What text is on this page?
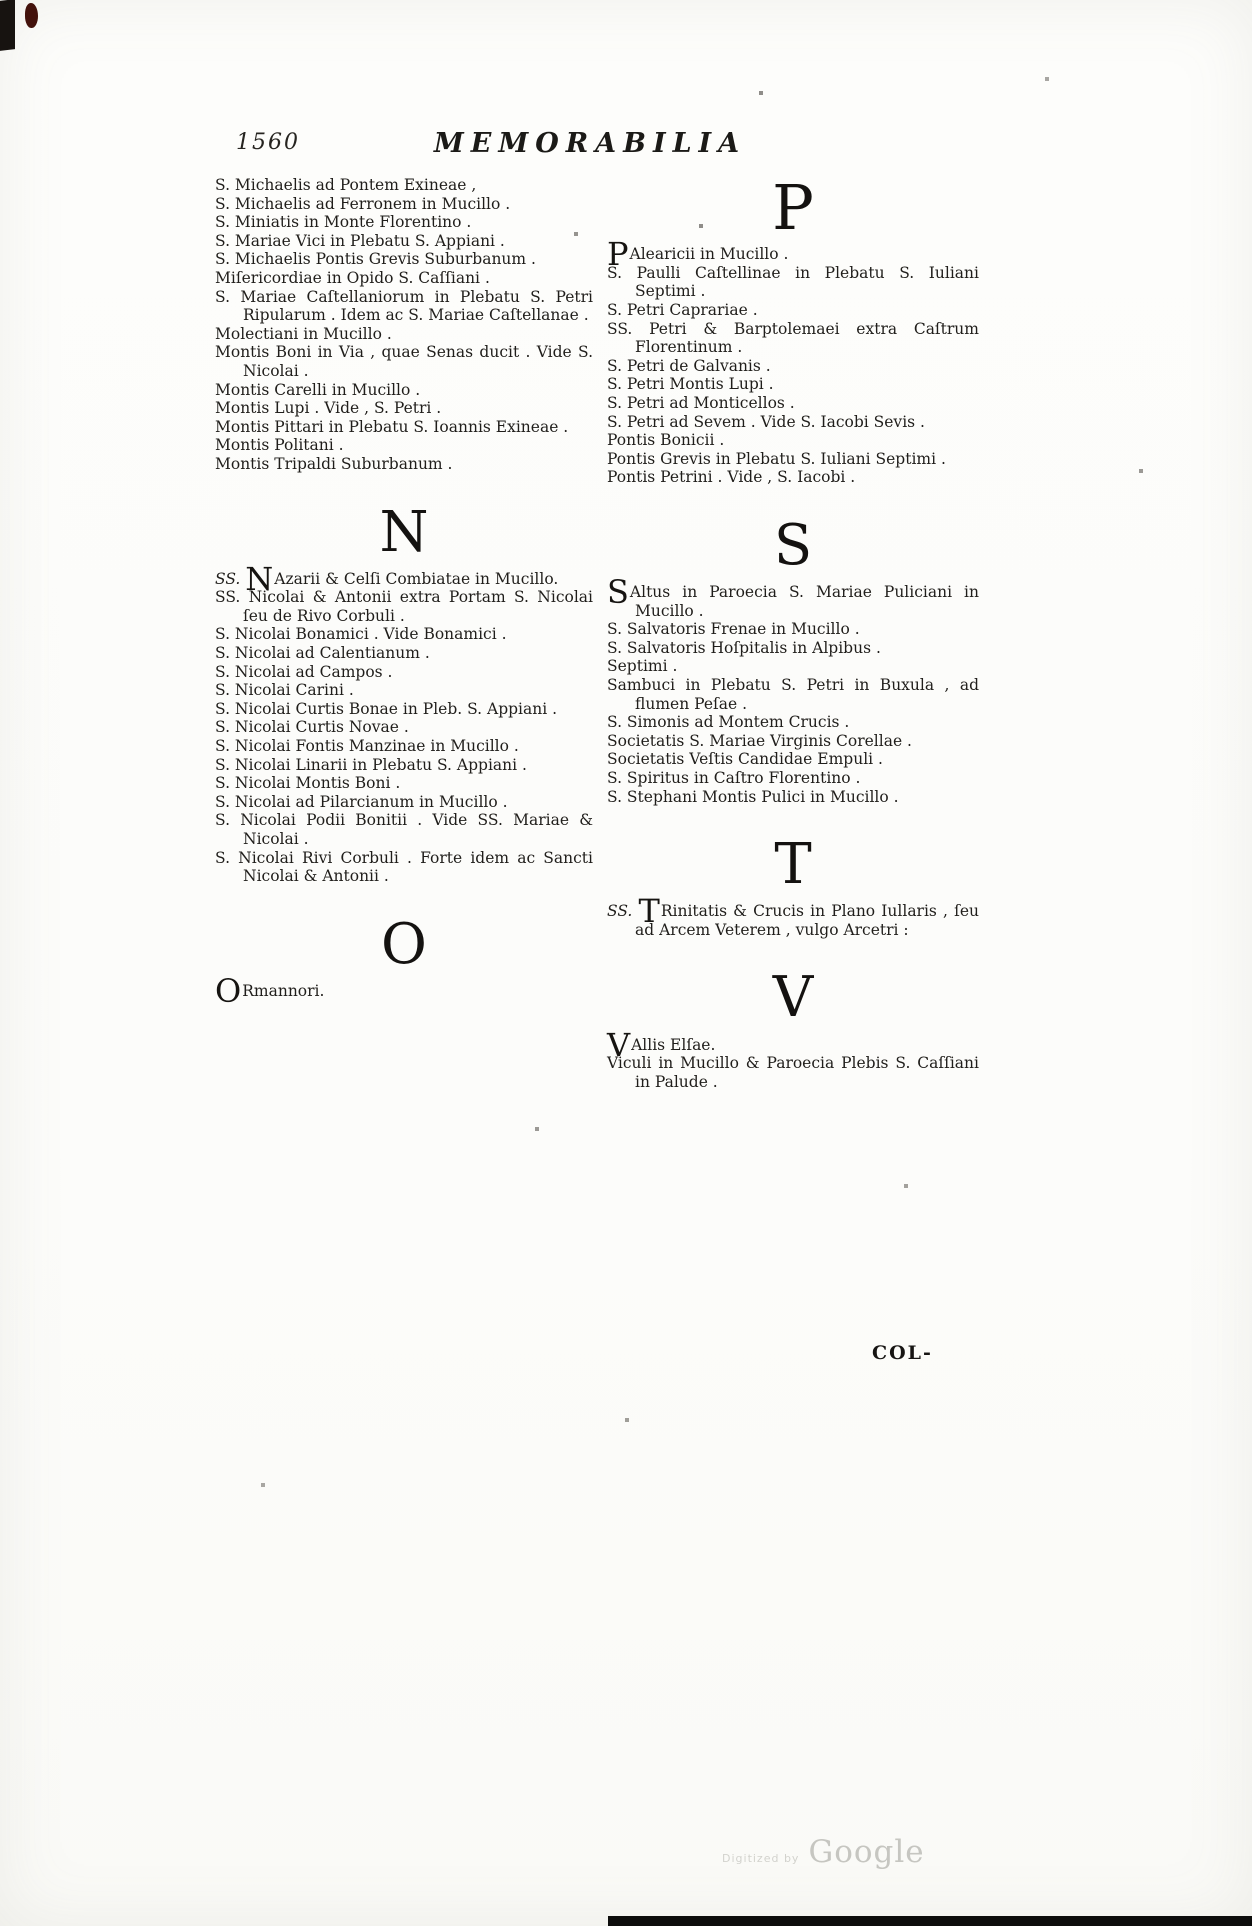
1560	MEMORABILIA
S. Michaelis ad Pontem Exineae ,
S. Michaelis ad Ferronem in Mucillo .
S. Miniatis in Monte Florentino .
S. Mariae Vici in Plebatu S. Appiani .
S. Michaelis Pontis Grevis Suburbanum .
Miſericordiae in Opido S. Caſſiani .
S. Mariae Caſtellaniorum in Plebatu S. Petri Ripularum . Idem ac S. Mariae Caſtellanae .
Molectiani in Mucillo .
Montis Boni in Via , quae Senas ducit . Vide S. Nicolai .
Montis Carelli in Mucillo .
Montis Lupi . Vide , S. Petri .
Montis Pittari in Plebatu S. Ioannis Exineae .
Montis Politani .
Montis Tripaldi Suburbanum .
N
SS. NAzarii & Celſi Combiatae in Mucillo.
SS. Nicolai & Antonii extra Portam S. Nicolai ſeu de Rivo Corbuli .
S. Nicolai Bonamici . Vide Bonamici .
S. Nicolai ad Calentianum .
S. Nicolai ad Campos .
S. Nicolai Carini .
S. Nicolai Curtis Bonae in Pleb. S. Appiani .
S. Nicolai Curtis Novae .
S. Nicolai Fontis Manzinae in Mucillo .
S. Nicolai Linarii in Plebatu S. Appiani .
S. Nicolai Montis Boni .
S. Nicolai ad Pilarcianum in Mucillo .
S. Nicolai Podii Bonitii . Vide SS. Mariae & Nicolai .
S. Nicolai Rivi Corbuli . Forte idem ac Sancti Nicolai & Antonii .
O
ORmannori.
P
PAlearicii in Mucillo .
S. Paulli Caſtellinae in Plebatu S. Iuliani Septimi .
S. Petri Caprariae .
SS. Petri & Barptolemaei extra Caſtrum Florentinum .
S. Petri de Galvanis .
S. Petri Montis Lupi .
S. Petri ad Monticellos .
S. Petri ad Sevem . Vide S. Iacobi Sevis .
Pontis Bonicii .
Pontis Grevis in Plebatu S. Iuliani Septimi .
Pontis Petrini . Vide , S. Iacobi .
S
SAltus in Paroecia S. Mariae Puliciani in Mucillo .
S. Salvatoris Frenae in Mucillo .
S. Salvatoris Hoſpitalis in Alpibus .
Septimi .
Sambuci in Plebatu S. Petri in Buxula , ad flumen Peſae .
S. Simonis ad Montem Crucis .
Societatis S. Mariae Virginis Corellae .
Societatis Veſtis Candidae Empuli .
S. Spiritus in Caſtro Florentino .
S. Stephani Montis Pulici in Mucillo .
T
SS. TRinitatis & Crucis in Plano Iullaris , ſeu ad Arcem Veterem , vulgo Arcetri :
V
VAllis Elſae.
Viculi in Mucillo & Paroecia Plebis S. Caſſiani in Palude .
COL-
Digitized by Google
